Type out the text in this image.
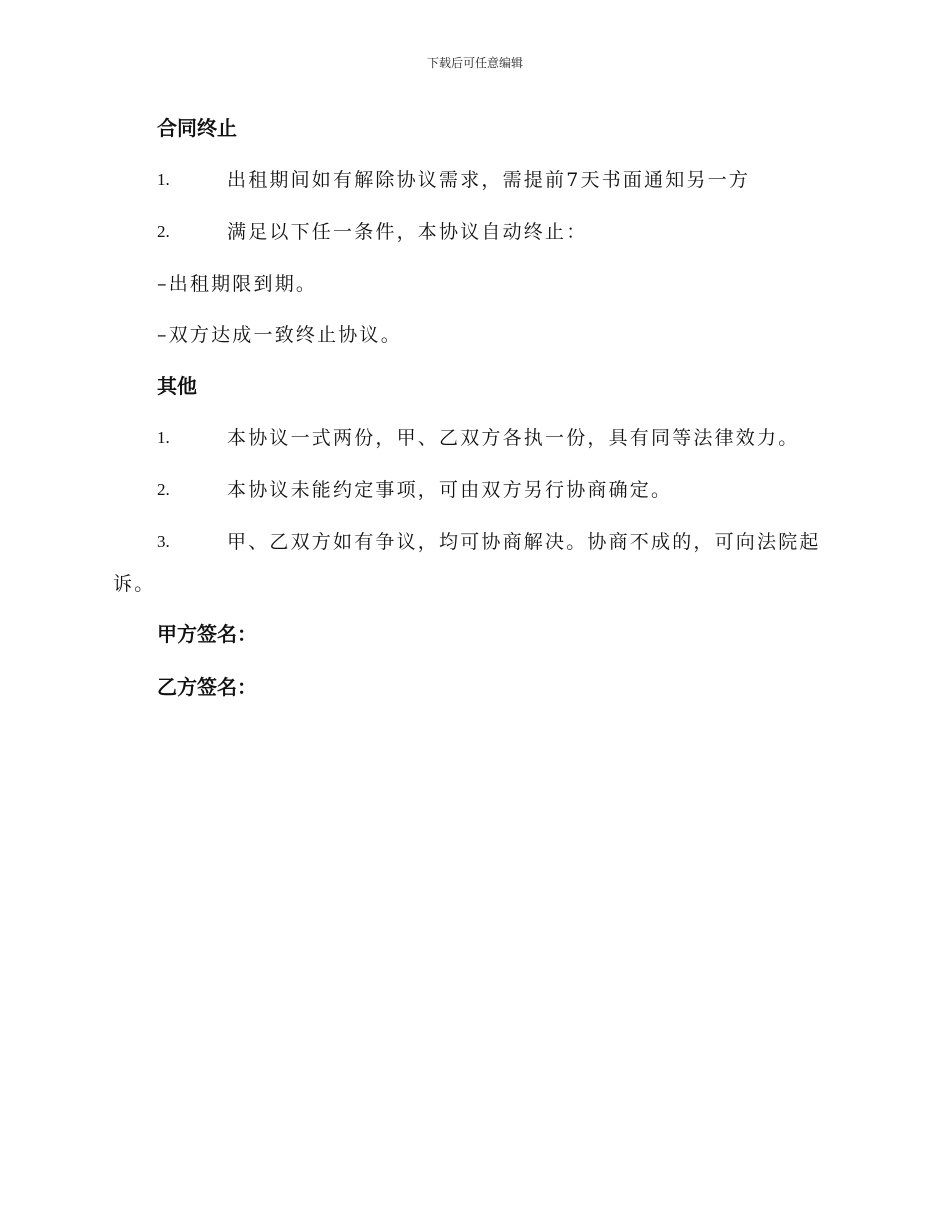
下载后可任意编辑
合同终止
1.	出租期间如有解除协议需求，需提前7天书面通知另一方
2.	满足以下任一条件，本协议自动终止：
–出租期限到期。
–双方达成一致终止协议。
其他
1.	本协议一式两份，甲、乙双方各执一份，具有同等法律效力。
2.	本协议未能约定事项，可由双方另行协商确定。
3.	甲、乙双方如有争议，均可协商解决。协商不成的，可向法院起
诉。
甲方签名：
乙方签名：
